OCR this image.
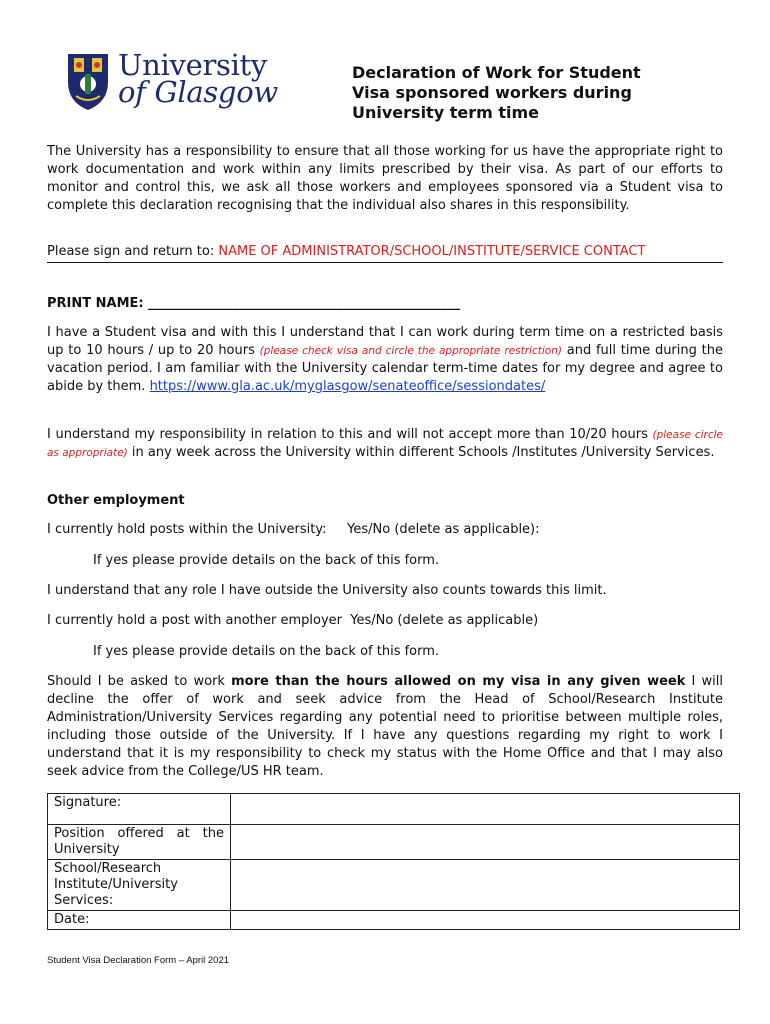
University
of Glasgow
Declaration of Work for Student Visa sponsored workers during University term time
The University has a responsibility to ensure that all those working for us have the appropriate right to work documentation and work within any limits prescribed by their visa. As part of our efforts to monitor and control this, we ask all those workers and employees sponsored via a Student visa to complete this declaration recognising that the individual also shares in this responsibility.
Please sign and return to: NAME OF ADMINISTRATOR/SCHOOL/INSTITUTE/SERVICE CONTACT
PRINT NAME: ________________________________________________
I have a Student visa and with this I understand that I can work during term time on a restricted basis up to 10 hours / up to 20 hours (please check visa and circle the appropriate restriction) and full time during the vacation period. I am familiar with the University calendar term-time dates for my degree and agree to abide by them. https://www.gla.ac.uk/myglasgow/senateoffice/sessiondates/
I understand my responsibility in relation to this and will not accept more than 10/20 hours (please circle as appropriate) in any week across the University within different Schools /Institutes /University Services.
Other employment
I currently hold posts within the University:     Yes/No (delete as applicable):
If yes please provide details on the back of this form.
I understand that any role I have outside the University also counts towards this limit.
I currently hold a post with another employer  Yes/No (delete as applicable)
If yes please provide details on the back of this form.
Should I be asked to work more than the hours allowed on my visa in any given week I will decline the offer of work and seek advice from the Head of School/Research Institute Administration/University Services regarding any potential need to prioritise between multiple roles, including those outside of the University. If I have any questions regarding my right to work I understand that it is my responsibility to check my status with the Home Office and that I may also seek advice from the College/US HR team.
Signature:	
Position offered at the University	
School/Research Institute/University Services:	
Date:	
Student Visa Declaration Form – April 2021
